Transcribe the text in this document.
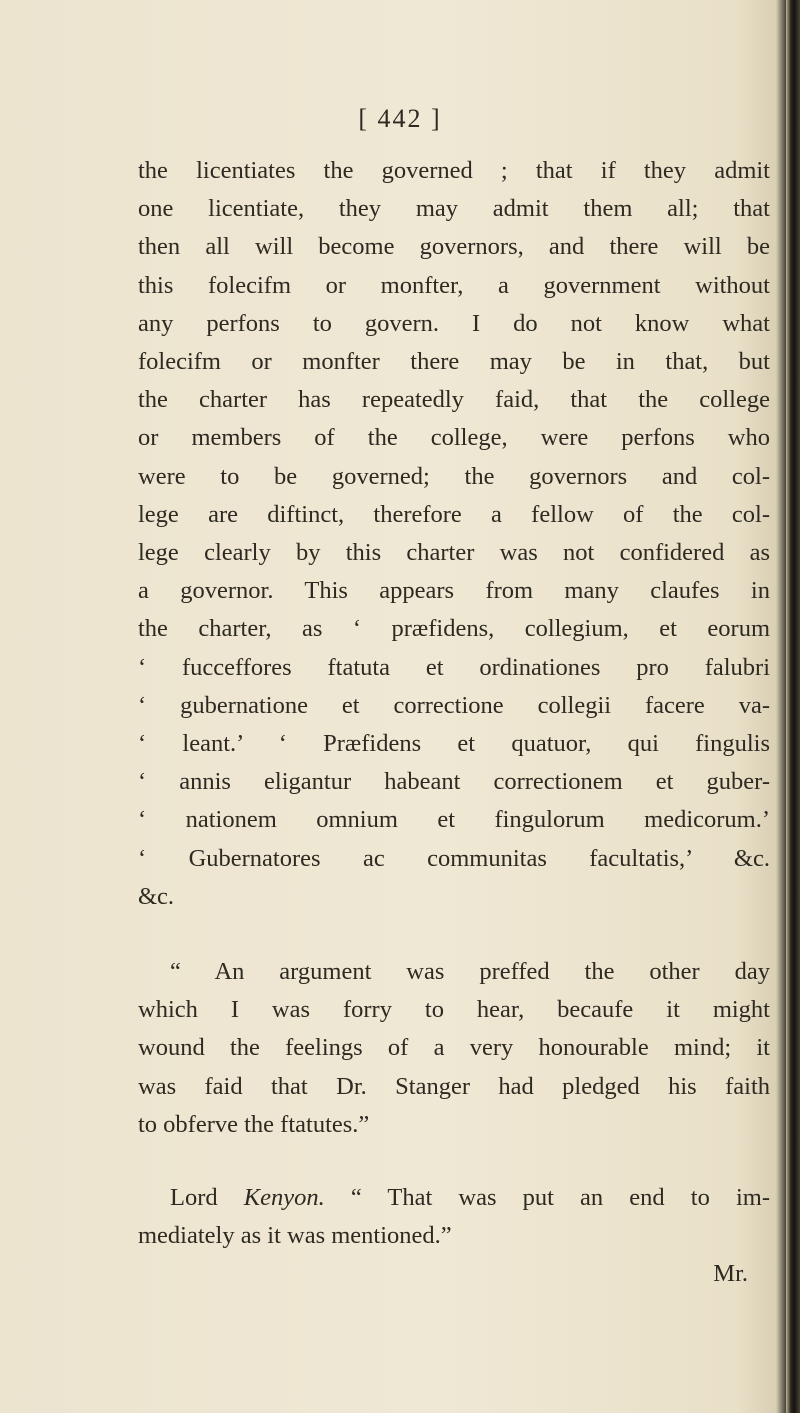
[ 442 ]
the licentiates the governed ; that if they admit
one licentiate, they may admit them all; that
then all will become governors, and there will be
this folecifm or monfter, a government without
any perfons to govern. I do not know what
folecifm or monfter there may be in that, but
the charter has repeatedly faid, that the college
or members of the college, were perfons who
were to be governed; the governors and col-
lege are diftinct, therefore a fellow of the col-
lege clearly by this charter was not confidered as
a governor. This appears from many claufes in
the charter, as ‘ præfidens, collegium, et eorum
‘ fucceffores ftatuta et ordinationes pro falubri
‘ gubernatione et correctione collegii facere va-
‘ leant.’ ‘ Præfidens et quatuor, qui fingulis
‘ annis eligantur habeant correctionem et guber-
‘ nationem omnium et fingulorum medicorum.’
‘ Gubernatores ac communitas facultatis,’ &c.
&c.
“ An argument was preffed the other day
which I was forry to hear, becaufe it might
wound the feelings of a very honourable mind; it
was faid that Dr. Stanger had pledged his faith
to obferve the ftatutes.”
Lord Kenyon. “ That was put an end to im-
mediately as it was mentioned.”
Mr.
